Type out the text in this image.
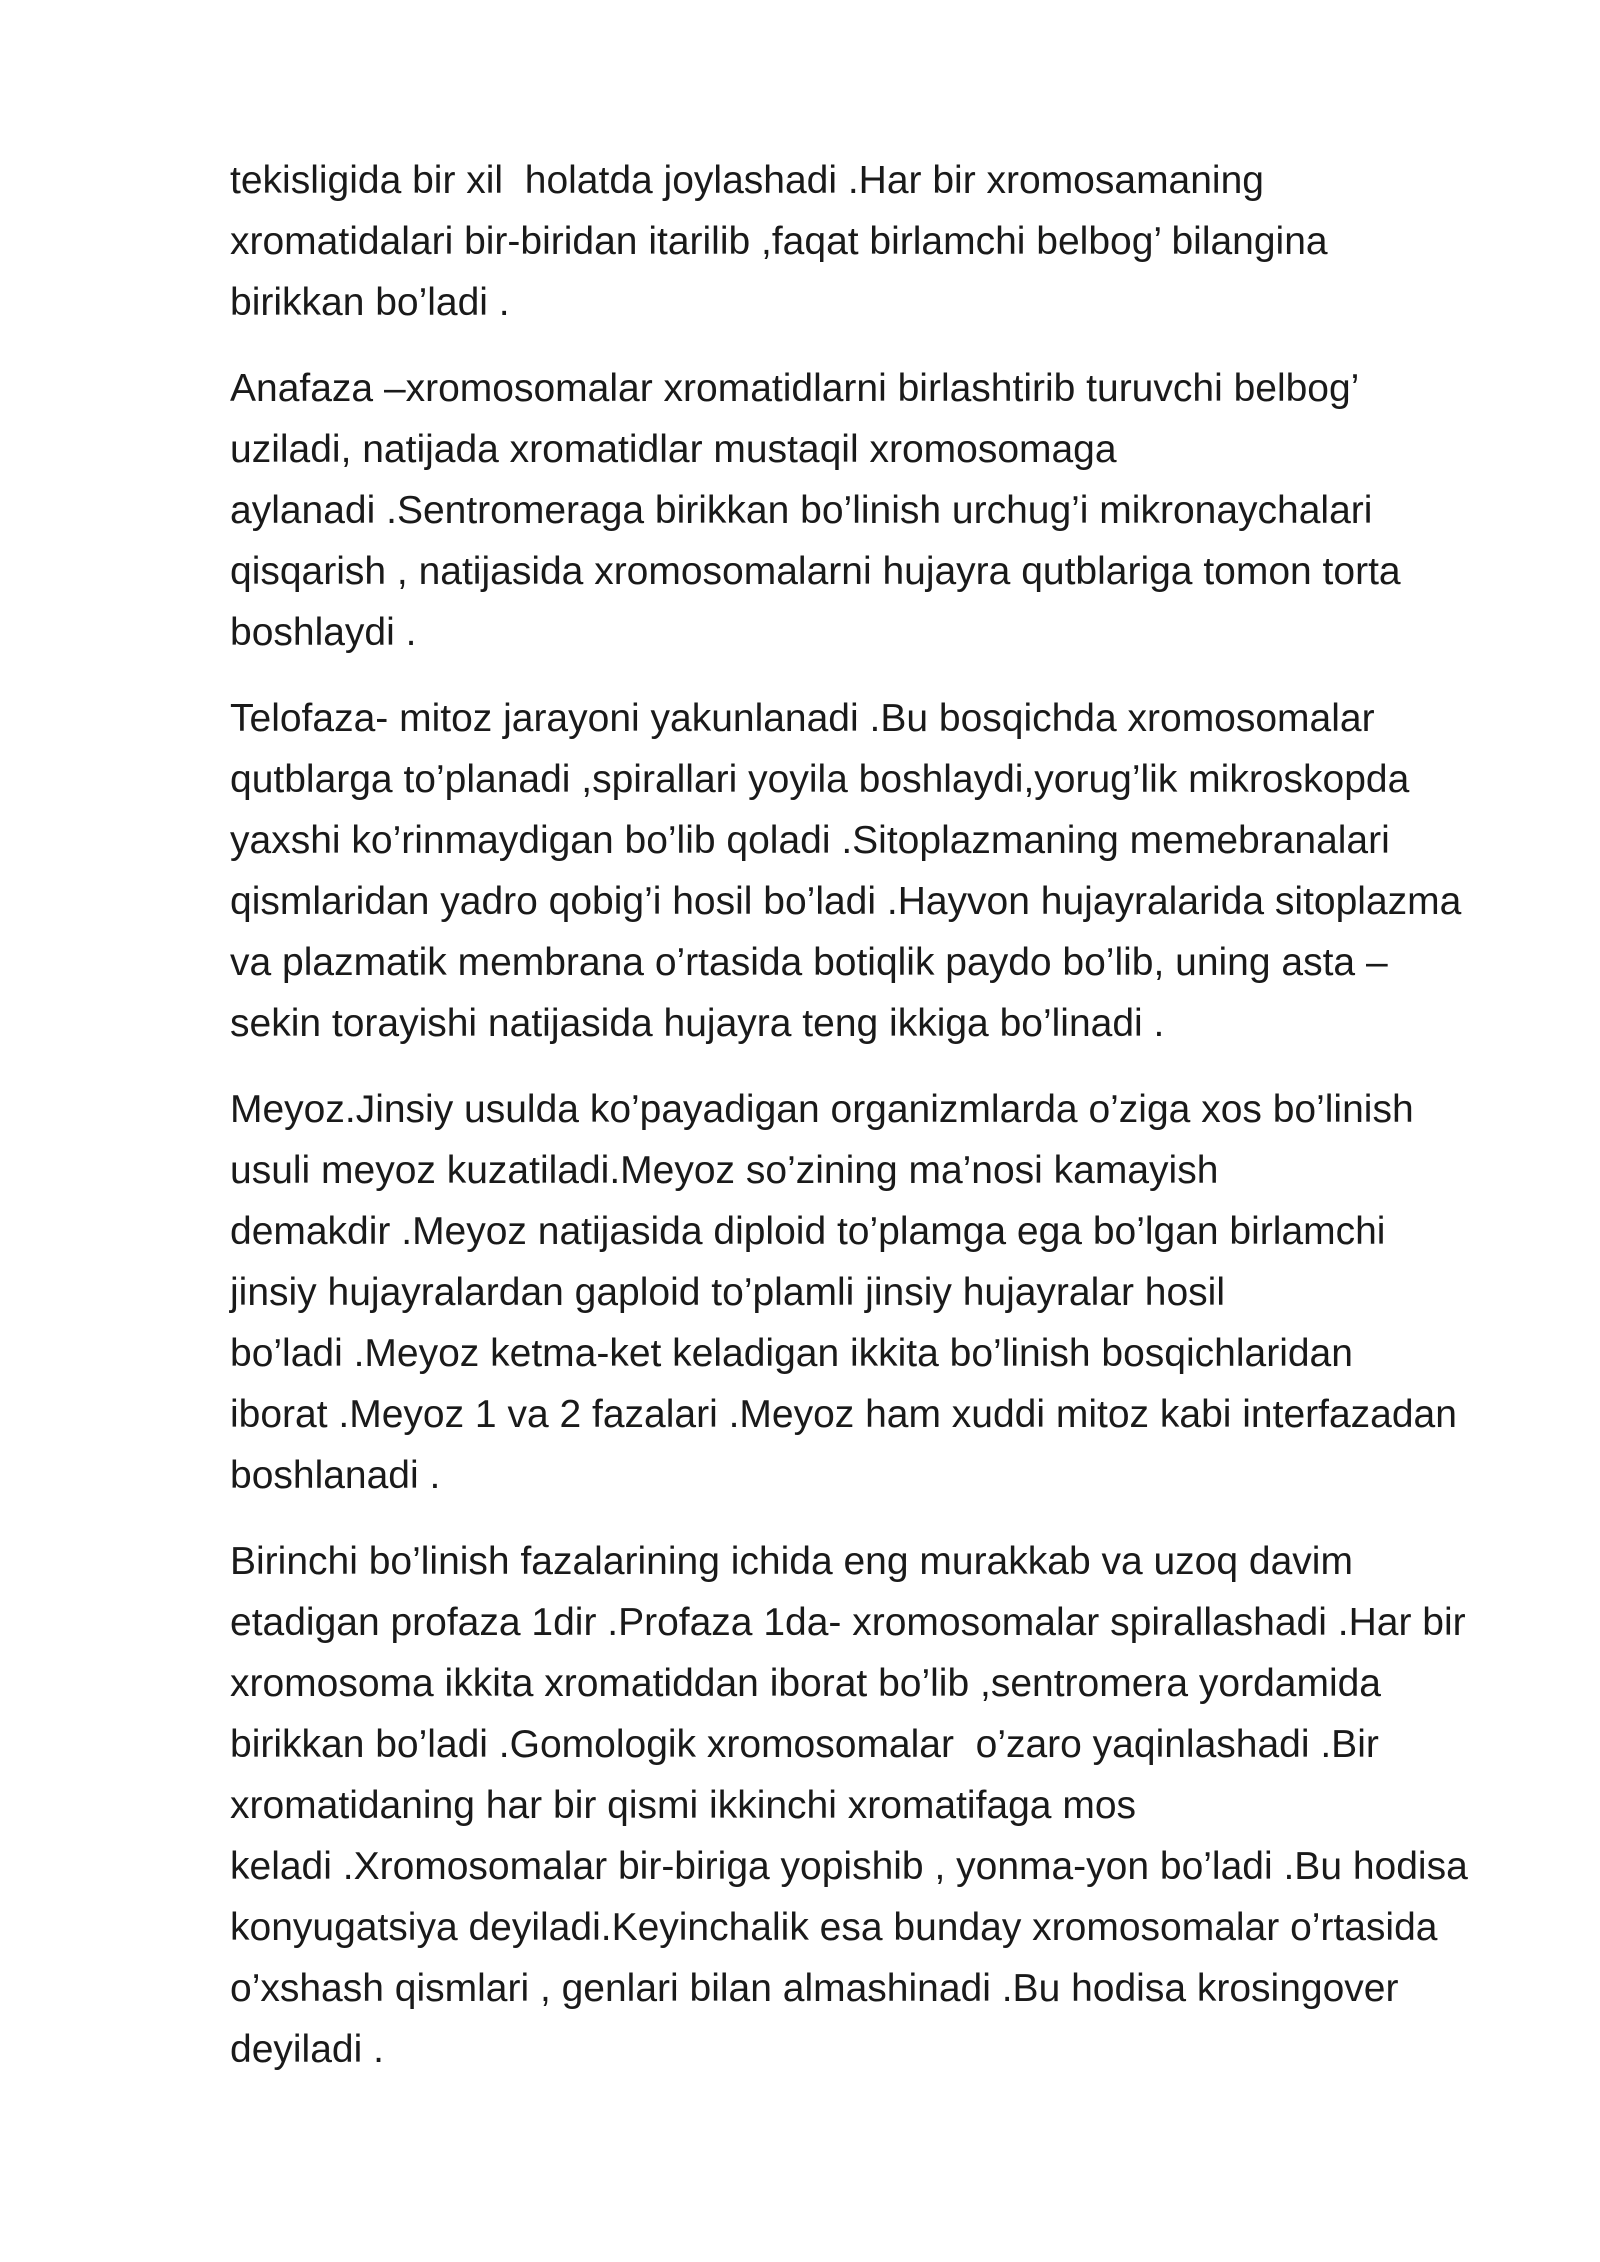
tekisligida bir xil  holatda joylashadi .Har bir xromosamaning
xromatidalari bir-biridan itarilib ,faqat birlamchi belbog’ bilangina
birikkan bo’ladi .

Anafaza –xromosomalar xromatidlarni birlashtirib turuvchi belbog’
uziladi, natijada xromatidlar mustaqil xromosomaga
aylanadi .Sentromeraga birikkan bo’linish urchug’i mikronaychalari
qisqarish , natijasida xromosomalarni hujayra qutblariga tomon torta
boshlaydi .

Telofaza- mitoz jarayoni yakunlanadi .Bu bosqichda xromosomalar
qutblarga to’planadi ,spirallari yoyila boshlaydi,yorug’lik mikroskopda
yaxshi ko’rinmaydigan bo’lib qoladi .Sitoplazmaning memebranalari
qismlaridan yadro qobig’i hosil bo’ladi .Hayvon hujayralarida sitoplazma
va plazmatik membrana o’rtasida botiqlik paydo bo’lib, uning asta –
sekin torayishi natijasida hujayra teng ikkiga bo’linadi .

Meyoz.Jinsiy usulda ko’payadigan organizmlarda o’ziga xos bo’linish
usuli meyoz kuzatiladi.Meyoz so’zining ma’nosi kamayish
demakdir .Meyoz natijasida diploid to’plamga ega bo’lgan birlamchi
jinsiy hujayralardan gaploid to’plamli jinsiy hujayralar hosil
bo’ladi .Meyoz ketma-ket keladigan ikkita bo’linish bosqichlaridan
iborat .Meyoz 1 va 2 fazalari .Meyoz ham xuddi mitoz kabi interfazadan
boshlanadi .

Birinchi bo’linish fazalarining ichida eng murakkab va uzoq davim
etadigan profaza 1dir .Profaza 1da- xromosomalar spirallashadi .Har bir
xromosoma ikkita xromatiddan iborat bo’lib ,sentromera yordamida
birikkan bo’ladi .Gomologik xromosomalar  o’zaro yaqinlashadi .Bir
xromatidaning har bir qismi ikkinchi xromatifaga mos
keladi .Xromosomalar bir-biriga yopishib , yonma-yon bo’ladi .Bu hodisa
konyugatsiya deyiladi.Keyinchalik esa bunday xromosomalar o’rtasida
o’xshash qismlari , genlari bilan almashinadi .Bu hodisa krosingover
deyiladi .
